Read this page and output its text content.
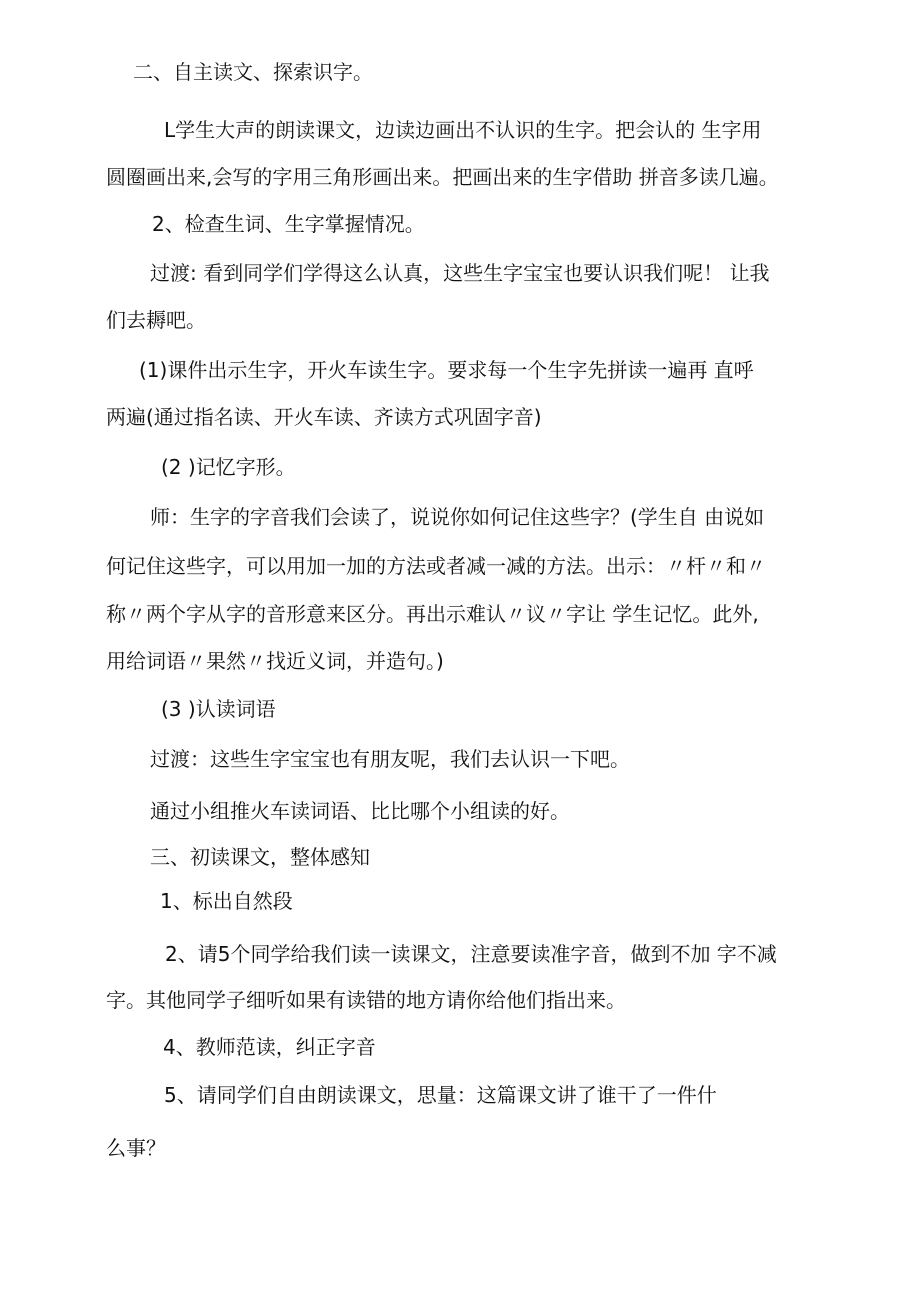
二、自主读文、探索识字。

L学生大声的朗读课文，边读边画出不认识的生字。把会认的 生字用

圆圈画出来,会写的字用三角形画出来。把画出来的生字借助 拼音多读几遍。

2、检查生词、生字掌握情况。

过渡: 看到同学们学得这么认真，这些生字宝宝也要认识我们呢！ 让我

们去耨吧。

(1)课件出示生字，开火车读生字。要求每一个生字先拼读一遍再 直呼

两遍(通过指名读、开火车读、齐读方式巩固字音)

(2 )记忆字形。

师：生字的字音我们会读了，说说你如何记住这些字？(学生自 由说如

何记住这些字，可以用加一加的方法或者减一减的方法。出示：〃杆〃和〃

称〃两个字从字的音形意来区分。再出示难认〃议〃字让 学生记忆。此外,

用给词语〃果然〃找近义词，并造句。)

(3 )认读词语

过渡：这些生字宝宝也有朋友呢，我们去认识一下吧。

通过小组推火车读词语、比比哪个小组读的好。

三、初读课文，整体感知

1、标出自然段

2、请5个同学给我们读一读课文，注意要读准字音，做到不加 字不减

字。其他同学子细听如果有读错的地方请你给他们指出来。

4、教师范读，纠正字音

5、请同学们自由朗读课文，思量：这篇课文讲了谁干了一件什

么事？
